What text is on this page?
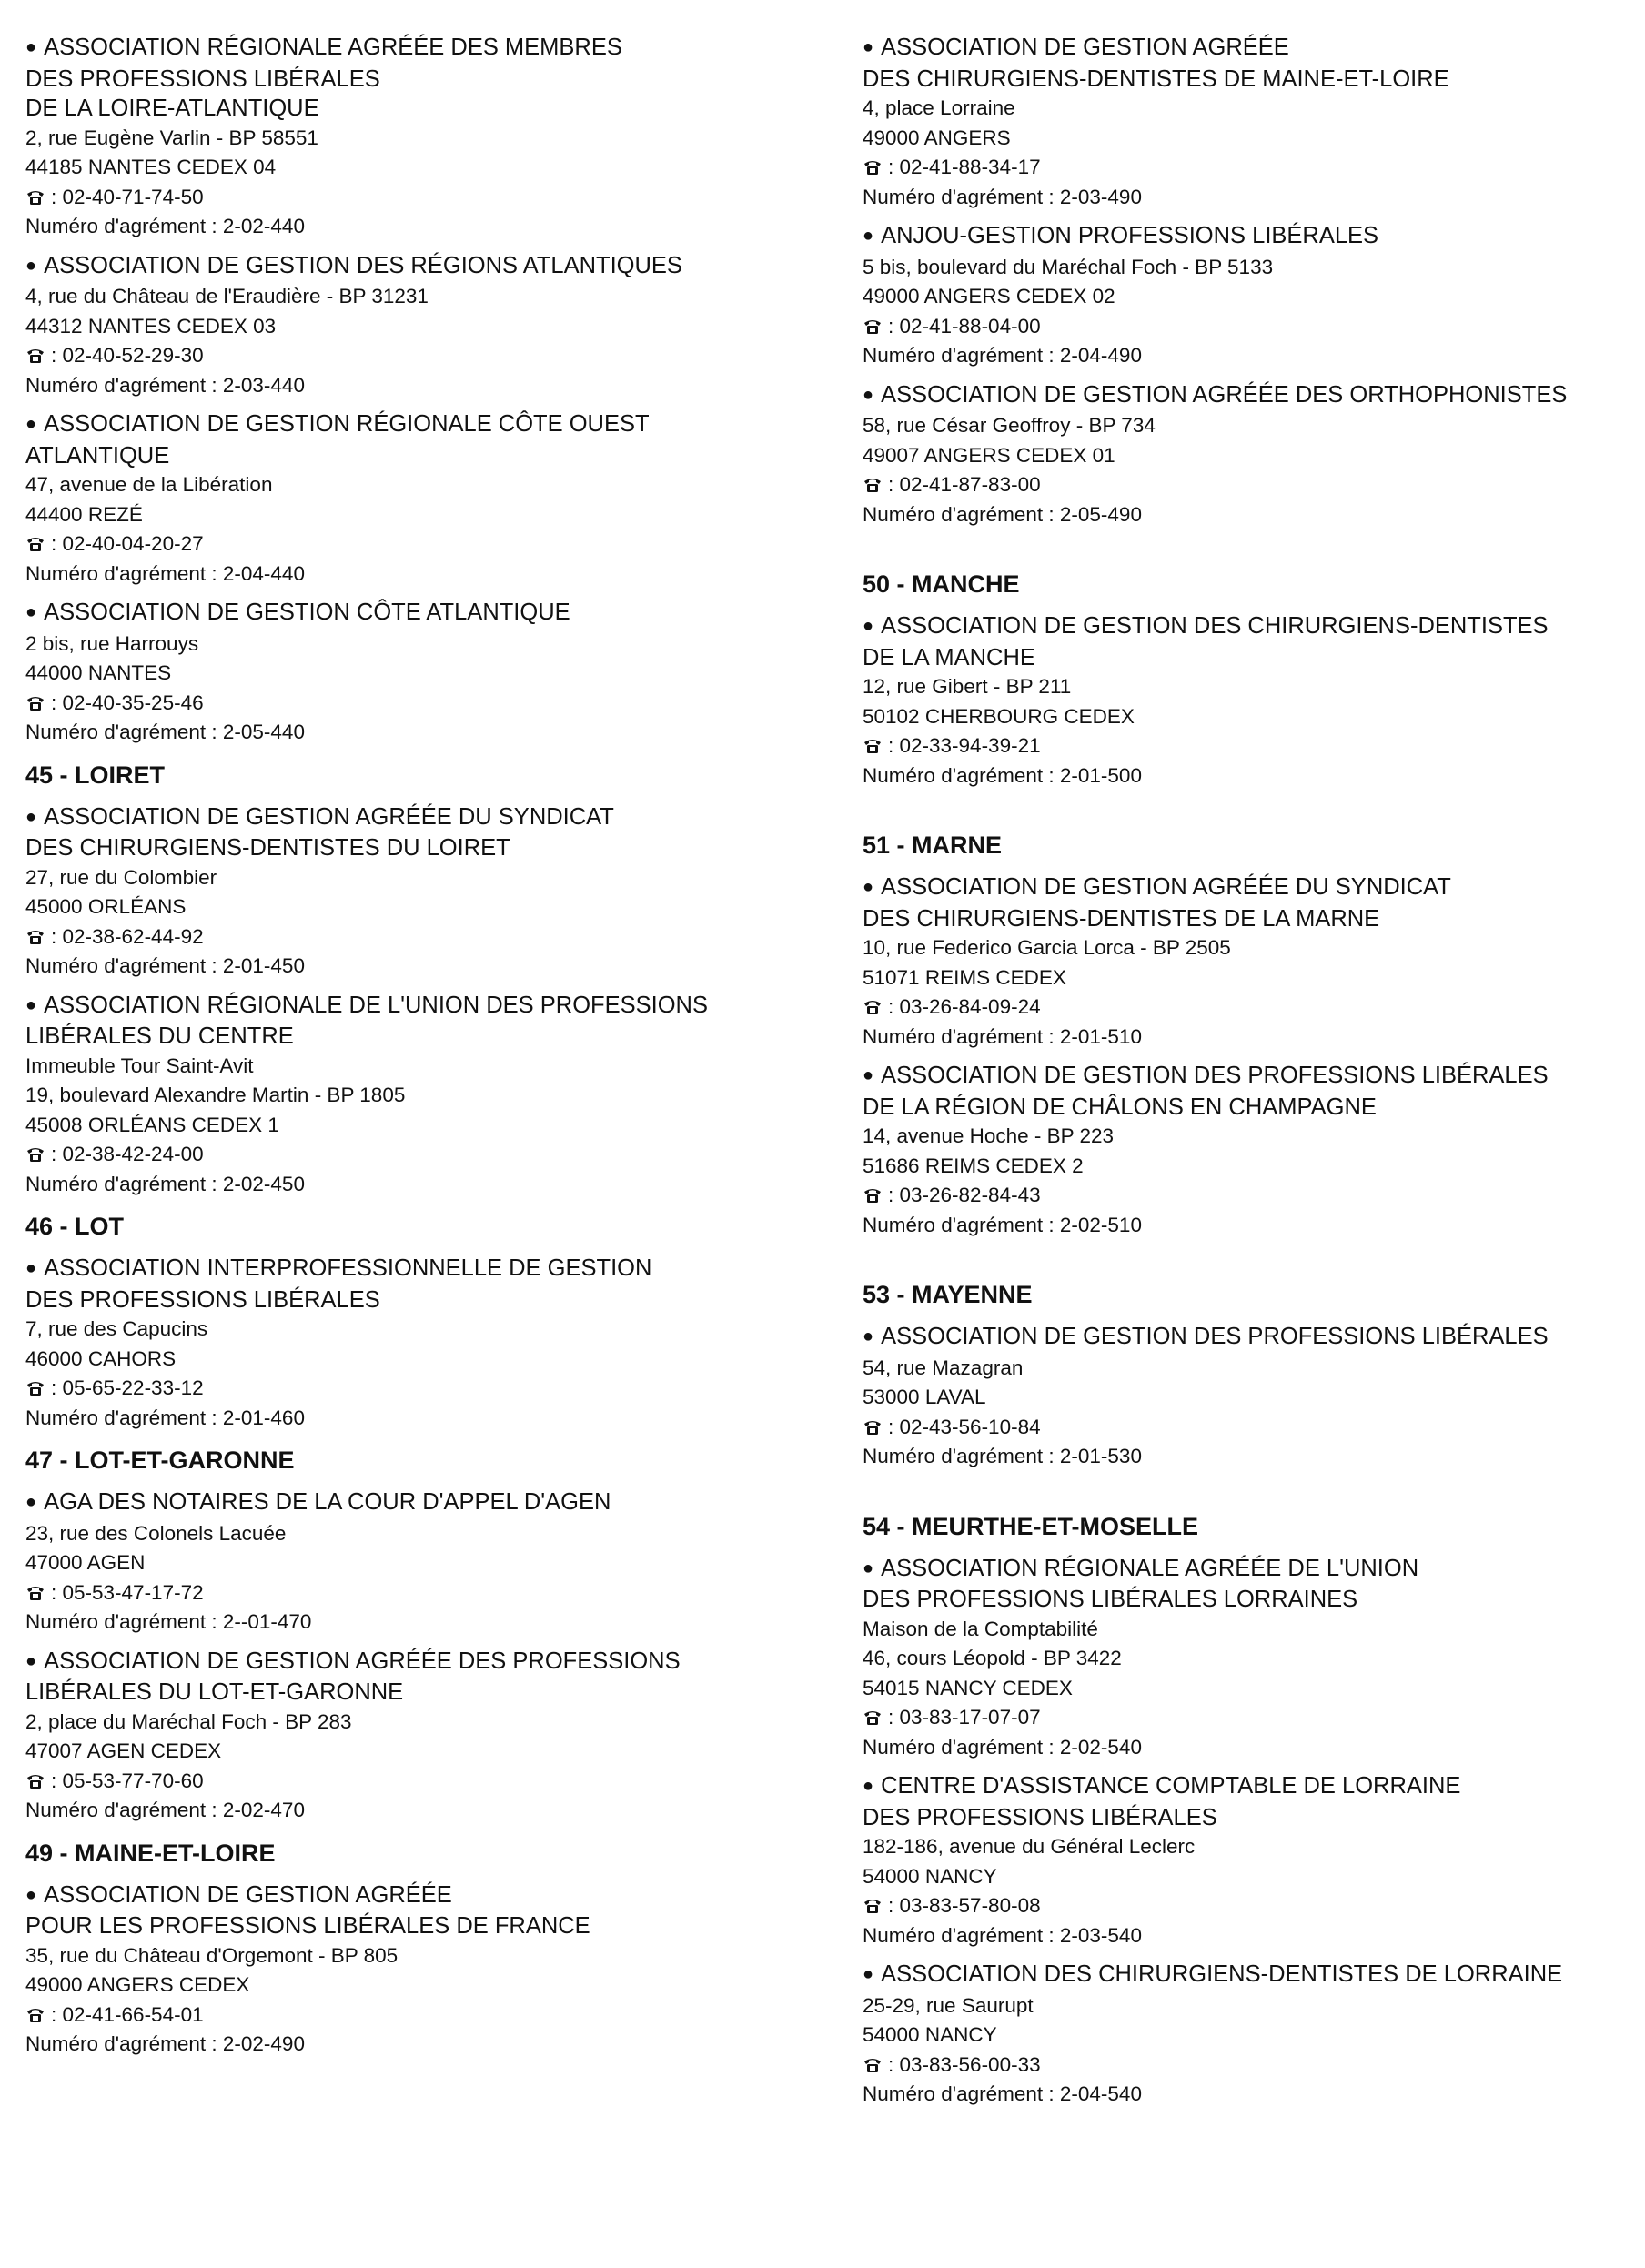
● ASSOCIATION RÉGIONALE AGRÉÉE DES MEMBRES
DES PROFESSIONS LIBÉRALES
DE LA LOIRE-ATLANTIQUE
2, rue Eugène Varlin - BP 58551
44185 NANTES CEDEX 04
: 02-40-71-74-50
Numéro d'agrément : 2-02-440
● ASSOCIATION DE GESTION DES RÉGIONS ATLANTIQUES
4, rue du Château de l'Eraudière - BP 31231
44312 NANTES CEDEX 03
: 02-40-52-29-30
Numéro d'agrément : 2-03-440
● ASSOCIATION DE GESTION RÉGIONALE CÔTE OUEST
ATLANTIQUE
47, avenue de la Libération
44400 REZÉ
: 02-40-04-20-27
Numéro d'agrément : 2-04-440
● ASSOCIATION DE GESTION CÔTE ATLANTIQUE
2 bis, rue Harrouys
44000 NANTES
: 02-40-35-25-46
Numéro d'agrément : 2-05-440
45 - LOIRET
● ASSOCIATION DE GESTION AGRÉÉE DU SYNDICAT
DES CHIRURGIENS-DENTISTES DU LOIRET
27, rue du Colombier
45000 ORLÉANS
: 02-38-62-44-92
Numéro d'agrément : 2-01-450
● ASSOCIATION RÉGIONALE DE L'UNION DES PROFESSIONS
LIBÉRALES DU CENTRE
Immeuble Tour Saint-Avit
19, boulevard Alexandre Martin - BP 1805
45008 ORLÉANS CEDEX 1
: 02-38-42-24-00
Numéro d'agrément : 2-02-450
46 - LOT
● ASSOCIATION INTERPROFESSIONNELLE DE GESTION
DES PROFESSIONS LIBÉRALES
7, rue des Capucins
46000 CAHORS
: 05-65-22-33-12
Numéro d'agrément : 2-01-460
47 - LOT-ET-GARONNE
● AGA DES NOTAIRES DE LA COUR D'APPEL D'AGEN
23, rue des Colonels Lacuée
47000 AGEN
: 05-53-47-17-72
Numéro d'agrément : 2--01-470
● ASSOCIATION DE GESTION AGRÉÉE DES PROFESSIONS
LIBÉRALES DU LOT-ET-GARONNE
2, place du Maréchal Foch - BP 283
47007 AGEN CEDEX
: 05-53-77-70-60
Numéro d'agrément : 2-02-470
49 - MAINE-ET-LOIRE
● ASSOCIATION DE GESTION AGRÉÉE
POUR LES PROFESSIONS LIBÉRALES DE FRANCE
35, rue du Château d'Orgemont - BP 805
49000 ANGERS CEDEX
: 02-41-66-54-01
Numéro d'agrément : 2-02-490
● ASSOCIATION DE GESTION AGRÉÉE
DES CHIRURGIENS-DENTISTES DE MAINE-ET-LOIRE
4, place Lorraine
49000 ANGERS
: 02-41-88-34-17
Numéro d'agrément : 2-03-490
● ANJOU-GESTION PROFESSIONS LIBÉRALES
5 bis, boulevard du Maréchal Foch - BP 5133
49000 ANGERS CEDEX 02
: 02-41-88-04-00
Numéro d'agrément : 2-04-490
● ASSOCIATION DE GESTION AGRÉÉE DES ORTHOPHONISTES
58, rue César Geoffroy - BP 734
49007 ANGERS CEDEX 01
: 02-41-87-83-00
Numéro d'agrément : 2-05-490
50 - MANCHE
● ASSOCIATION DE GESTION DES CHIRURGIENS-DENTISTES
DE LA MANCHE
12, rue Gibert - BP 211
50102 CHERBOURG CEDEX
: 02-33-94-39-21
Numéro d'agrément : 2-01-500
51 - MARNE
● ASSOCIATION DE GESTION AGRÉÉE DU SYNDICAT
DES CHIRURGIENS-DENTISTES DE LA MARNE
10, rue Federico Garcia Lorca - BP 2505
51071 REIMS CEDEX
: 03-26-84-09-24
Numéro d'agrément : 2-01-510
● ASSOCIATION DE GESTION DES PROFESSIONS LIBÉRALES
DE LA RÉGION DE CHÂLONS EN CHAMPAGNE
14, avenue Hoche - BP 223
51686 REIMS CEDEX 2
: 03-26-82-84-43
Numéro d'agrément : 2-02-510
53 - MAYENNE
● ASSOCIATION DE GESTION DES PROFESSIONS LIBÉRALES
54, rue Mazagran
53000 LAVAL
: 02-43-56-10-84
Numéro d'agrément : 2-01-530
54 - MEURTHE-ET-MOSELLE
● ASSOCIATION RÉGIONALE AGRÉÉE DE L'UNION
DES PROFESSIONS LIBÉRALES LORRAINES
Maison de la Comptabilité
46, cours Léopold - BP 3422
54015 NANCY CEDEX
: 03-83-17-07-07
Numéro d'agrément : 2-02-540
● CENTRE D'ASSISTANCE COMPTABLE DE LORRAINE
DES PROFESSIONS LIBÉRALES
182-186, avenue du Général Leclerc
54000 NANCY
: 03-83-57-80-08
Numéro d'agrément : 2-03-540
● ASSOCIATION DES CHIRURGIENS-DENTISTES DE LORRAINE
25-29, rue Saurupt
54000 NANCY
: 03-83-56-00-33
Numéro d'agrément : 2-04-540
